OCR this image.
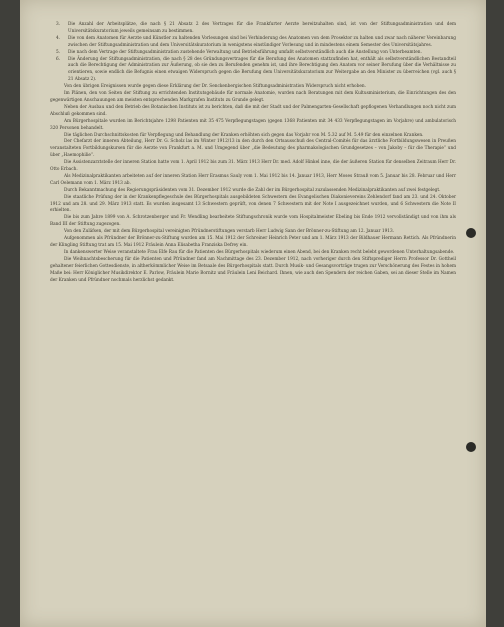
3. Die Anzahl der Arbeitsplätze, die nach § 21 Absatz 2 des Vertrages für die Frankfurter Aerzte bereitzuhalten sind, ist von der Stiftungsadministration und dem Universitätskuratorium jeweils gemeinsam zu bestimmen.

4. Die von dem Anatomen für Aerzte und Künstler zu haltenden Vorlesungen sind bei Verhinderung des Anatomen von dem Prosektor zu halten und zwar nach näherer Vereinbarung zwischen der Stiftungsadministration und dem Universitätskuratorium in wenigstens einstündiger Vorlesung und in mindestens einem Semester des Universitätsjahres.

5. Die nach dem Vertrage der Stiftungsadministration zustehende Verwaltung und Betriebsführung umfaßt selbstverständlich auch die Anstellung von Unterbeamten.

6. Die Änderung der Stiftungsadministration, die nach § 28 des Gründungsvertrages für die Berufung des Anatomen stattzufinden hat, enthält als selbstverständlichen Bestandteil auch die Berechtigung der Administration zur Äußerung, ob sie den zu Berufenden genehm ist, und ihre Berechtigung den Anatom vor seiner Berufung über die Verhältnisse zu orientieren, sowie endlich die Befugnis einen etwaigen Widerspruch gegen die Berufung dem Universitätskuratorium zur Weitergabe an den Minister zu überreichen (vgl. auch § 21 Absatz 2).

Von den übrigen Ereignissen wurde gegen diese Erklärung der Dr. Senckenbergischen Stiftungsadministration Widerspruch nicht erhoben.

Im Plänen, den von Seiten der Stiftung zu errichtenden Institutsgebäude für normale Anatomie, wurden nach Beratungen mit dem Kultusministerium, die Einrichtungen des den gegenwärtigen Anschauungen am meisten entsprechenden Markgrafen Instituts zu Grunde gelegt.

Neben der Ausbau und den Betrieb des Botanischen Instituts ist zu berichten, daß die mit der Stadt und der Palmengarten-Gesellschaft gepflogenen Verhandlungen noch nicht zum Abschluß gekommen sind.

Am Bürgerhospitale wurden im Berichtsjahre 1298 Patienten mit 35 475 Verpflegungstagen (gegen 1368 Patienten mit 34 433 Verpflegungstagen im Vorjahre) und ambulatorisch 320 Personen behandelt.

Die täglichen Durchschnittskosten für Verpflegung und Behandlung der Kranken erhöhten sich gegen das Vorjahr von M. 5.32 auf M. 5.49 für den einzelnen Kranken.

Der Chefarzt der inneren Abteilung, Herr Dr. G. Scholz las im Winter 1912/13 in den durch den Ortsausschuß des Central-Comités für das ärztliche Fortbildungswesen in Preußen veranstalteten Fortbildungskursen für die Aerzte von Frankfurt a. M. und Umgegend über „die Bedeutung des pharmakologischen Grundgesetzes – von Jakoby – für die Therapie“ und über „Haemophilie“.

Die Assistenzarztstelle der inneren Station hatte vom 1. April 1912 bis zum 31. März 1913 Herr Dr. med. Adolf Hinkel inne, die der äußeren Station für denselben Zeitraum Herr Dr. Otto Erbach.

Als Medizinalpraktikanten arbeiteten auf der inneren Station Herr Erasmus Sauly vom 1. Mai 1912 bis 14. Januar 1913, Herr Moses Strauß vom 5. Januar bis 28. Februar und Herr Carl Oelemann vom 1. März 1913 ab.

Durch Bekanntmachung des Regierungspräsidenten vom 31. Dezember 1912 wurde die Zahl der im Bürgerhospital zuzulassenden Medizinalpraktikanten auf zwei festgelegt.

Die staatliche Prüfung der in der Krankenpflegeschule des Bürgerhospitals ausgebildeten Schwestern des Evangelischen Diakonievereins Zehlendorf fand am 23. und 24. Oktober 1912 und am 28. und 29. März 1913 statt. Es wurden insgesamt 13 Schwestern geprüft, von denen 7 Schwestern mit der Note I ausgezeichnet wurden, und 6 Schwestern die Note II erhielten.

Die bis zum Jahre 1899 von A. Schrotzenberger und Fr. Wendling bearbeitete Stiftungschronik wurde vom Hospitalmeister Ebeling bis Ende 1912 vervollständigt und von ihm als Band III der Stiftung zugezogen.

Von den Zuläfsen, der mit dem Bürgerhospital vereinigten Pfründnerstiftungen verstarb Herr Ludwig Sann der Brönner-zu-Stiftung am 12. Januar 1913.

Aufgenommen als Pfründner der Brönner-zu-Stiftung wurden am 15. Mai 1912 der Schreiner Heinrich Peter und am 1. März 1913 der Bildhauer Hermann Rettich. Als Pfründnerin der Klingling Stiftung trat am 15. Mai 1912 Fräulein Anna Elisabetha Franziska Defrey ein.

In dankenswerter Weise veranstaltete Frau Elfe Rau für die Patienten des Bürgerhospitals wiederum einen Abend, bei den Kranken recht belebt gewordenen Unterhaltungsabende.

Die Weihnachtsbescherung für die Patienten und Pfründner fand am Nachmittage des 23. Dezember 1912, nach vorheriger durch den Stiftsprediger Herrn Professor Dr. Gottheil gehaltener feierlichen Gottesdienste, in altherkömmlicher Weise im Betsaale des Bürgerhospitals statt. Durch Musik- und Gesangsvorträge trugen zur Verschönerung des Festes in hohem Maße bei: Herr Königlicher Musikdirektor E. Parlow, Fräulein Marie Bornitz und Fräulein Leni Beichard. Ihnen, wie auch den Spendern der reichen Gaben, sei an dieser Stelle im Namen der Kranken und Pfründner nochmals herzlichst gedankt.
